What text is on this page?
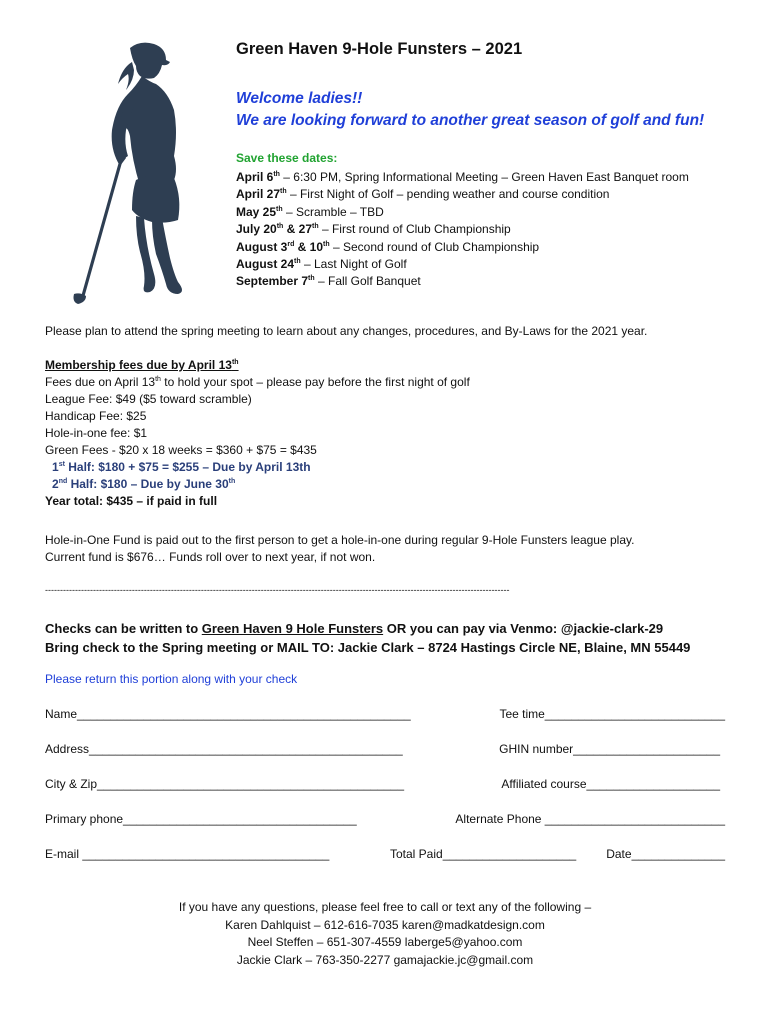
Green Haven 9-Hole Funsters – 2021
Welcome ladies!!
We are looking forward to another great season of golf and fun!
Save these dates:
April 6th – 6:30 PM, Spring Informational Meeting – Green Haven East Banquet room
April 27th – First Night of Golf – pending weather and course condition
May 25th – Scramble – TBD
July 20th & 27th – First round of Club Championship
August 3rd & 10th – Second round of Club Championship
August 24th – Last Night of Golf
September 7th – Fall Golf Banquet
Please plan to attend the spring meeting to learn about any changes, procedures, and By-Laws for the 2021 year.
Membership fees due by April 13th
Fees due on April 13th to hold your spot – please pay before the first night of golf
League Fee: $49 ($5 toward scramble)
Handicap Fee: $25
Hole-in-one fee: $1
Green Fees - $20 x 18 weeks = $360 + $75 = $435
1st Half: $180 + $75 = $255 – Due by April 13th
2nd Half: $180 – Due by June 30th
Year total: $435 – if paid in full
Hole-in-One Fund is paid out to the first person to get a hole-in-one during regular 9-Hole Funsters league play.
Current fund is $676… Funds roll over to next year, if not won.
-----------------------------------------------------------------------------------------------------------------------------------------------------------
Checks can be written to Green Haven 9 Hole Funsters OR you can pay via Venmo: @jackie-clark-29
Bring check to the Spring meeting or MAIL TO: Jackie Clark – 8724 Hastings Circle NE, Blaine, MN 55449
Please return this portion along with your check
Name__________________________________________________	Tee time___________________________
Address_______________________________________________	GHIN number______________________
City & Zip______________________________________________	Affiliated course____________________
Primary phone___________________________________	Alternate Phone ___________________________
E-mail _____________________________________	Total Paid____________________	Date______________
If you have any questions, please feel free to call or text any of the following –
Karen Dahlquist – 612-616-7035 karen@madkatdesign.com
Neel Steffen – 651-307-4559 laberge5@yahoo.com
Jackie Clark – 763-350-2277 gamajackie.jc@gmail.com
